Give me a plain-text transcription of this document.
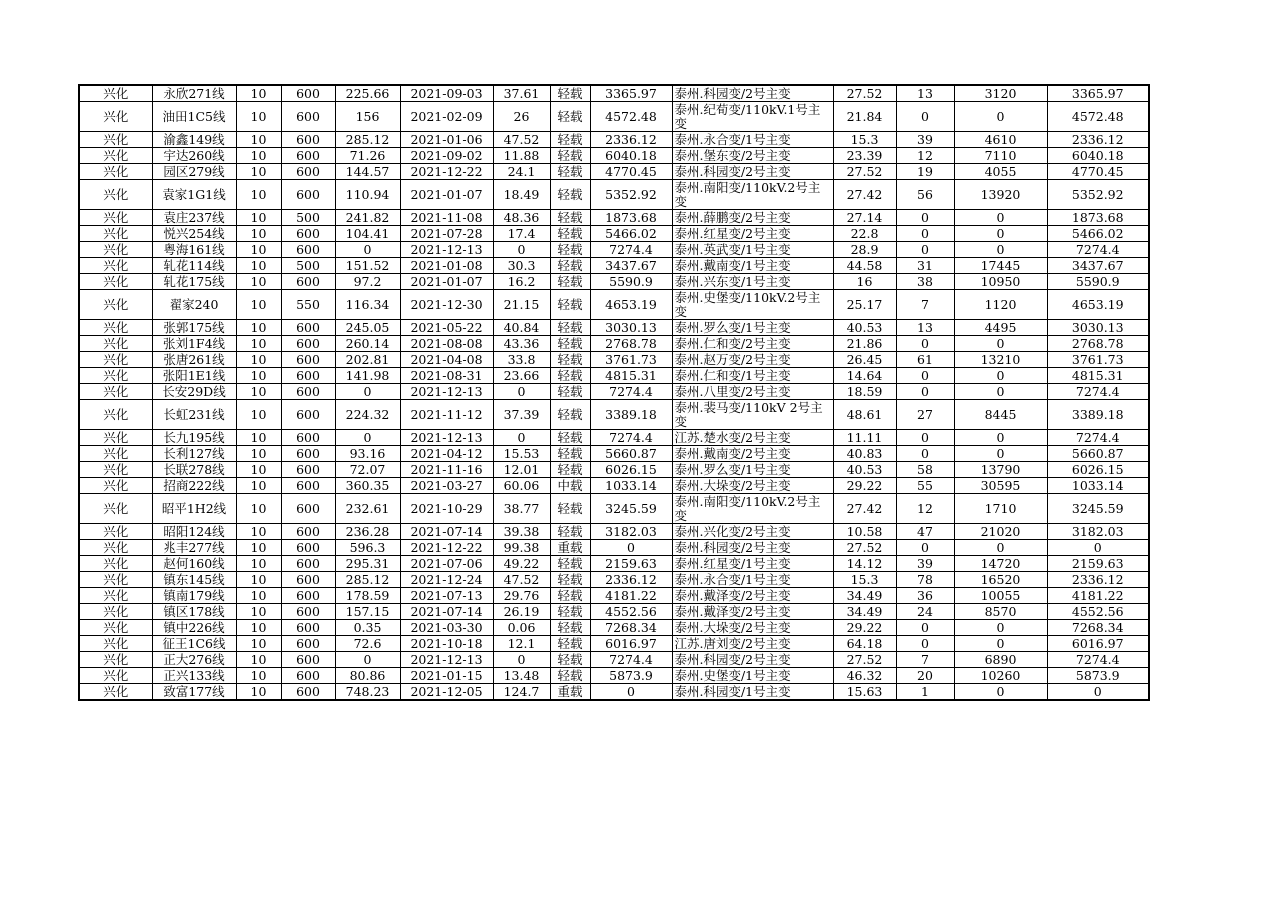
兴化	永欣271线	10	600	225.66	2021-09-03	37.61	轻载	3365.97	泰州.科园变/2号主变	27.52	13	3120	3365.97
兴化	油田1C5线	10	600	156	2021-02-09	26	轻载	4572.48	泰州.纪荀变/110kV.1号主变	21.84	0	0	4572.48
兴化	渝鑫149线	10	600	285.12	2021-01-06	47.52	轻载	2336.12	泰州.永合变/1号主变	15.3	39	4610	2336.12
兴化	宇达260线	10	600	71.26	2021-09-02	11.88	轻载	6040.18	泰州.堡东变/2号主变	23.39	12	7110	6040.18
兴化	园区279线	10	600	144.57	2021-12-22	24.1	轻载	4770.45	泰州.科园变/2号主变	27.52	19	4055	4770.45
兴化	袁家1G1线	10	600	110.94	2021-01-07	18.49	轻载	5352.92	泰州.南阳变/110kV.2号主变	27.42	56	13920	5352.92
兴化	袁庄237线	10	500	241.82	2021-11-08	48.36	轻载	1873.68	泰州.薛鹏变/2号主变	27.14	0	0	1873.68
兴化	悦兴254线	10	600	104.41	2021-07-28	17.4	轻载	5466.02	泰州.红星变/2号主变	22.8	0	0	5466.02
兴化	粤海161线	10	600	0	2021-12-13	0	轻载	7274.4	泰州.英武变/1号主变	28.9	0	0	7274.4
兴化	轧花114线	10	500	151.52	2021-01-08	30.3	轻载	3437.67	泰州.戴南变/1号主变	44.58	31	17445	3437.67
兴化	轧花175线	10	600	97.2	2021-01-07	16.2	轻载	5590.9	泰州.兴东变/1号主变	16	38	10950	5590.9
兴化	翟家240	10	550	116.34	2021-12-30	21.15	轻载	4653.19	泰州.史堡变/110kV.2号主变	25.17	7	1120	4653.19
兴化	张郭175线	10	600	245.05	2021-05-22	40.84	轻载	3030.13	泰州.罗么变/1号主变	40.53	13	4495	3030.13
兴化	张刘1F4线	10	600	260.14	2021-08-08	43.36	轻载	2768.78	泰州.仁和变/2号主变	21.86	0	0	2768.78
兴化	张唐261线	10	600	202.81	2021-04-08	33.8	轻载	3761.73	泰州.赵万变/2号主变	26.45	61	13210	3761.73
兴化	张阳1E1线	10	600	141.98	2021-08-31	23.66	轻载	4815.31	泰州.仁和变/1号主变	14.64	0	0	4815.31
兴化	长安29D线	10	600	0	2021-12-13	0	轻载	7274.4	泰州.八里变/2号主变	18.59	0	0	7274.4
兴化	长虹231线	10	600	224.32	2021-11-12	37.39	轻载	3389.18	泰州.裴马变/110kV 2号主变	48.61	27	8445	3389.18
兴化	长九195线	10	600	0	2021-12-13	0	轻载	7274.4	江苏.楚水变/2号主变	11.11	0	0	7274.4
兴化	长利127线	10	600	93.16	2021-04-12	15.53	轻载	5660.87	泰州.戴南变/2号主变	40.83	0	0	5660.87
兴化	长联278线	10	600	72.07	2021-11-16	12.01	轻载	6026.15	泰州.罗么变/1号主变	40.53	58	13790	6026.15
兴化	招商222线	10	600	360.35	2021-03-27	60.06	中载	1033.14	泰州.大垛变/2号主变	29.22	55	30595	1033.14
兴化	昭平1H2线	10	600	232.61	2021-10-29	38.77	轻载	3245.59	泰州.南阳变/110kV.2号主变	27.42	12	1710	3245.59
兴化	昭阳124线	10	600	236.28	2021-07-14	39.38	轻载	3182.03	泰州.兴化变/2号主变	10.58	47	21020	3182.03
兴化	兆丰277线	10	600	596.3	2021-12-22	99.38	重载	0	泰州.科园变/2号主变	27.52	0	0	0
兴化	赵何160线	10	600	295.31	2021-07-06	49.22	轻载	2159.63	泰州.红星变/1号主变	14.12	39	14720	2159.63
兴化	镇东145线	10	600	285.12	2021-12-24	47.52	轻载	2336.12	泰州.永合变/1号主变	15.3	78	16520	2336.12
兴化	镇南179线	10	600	178.59	2021-07-13	29.76	轻载	4181.22	泰州.戴泽变/2号主变	34.49	36	10055	4181.22
兴化	镇区178线	10	600	157.15	2021-07-14	26.19	轻载	4552.56	泰州.戴泽变/2号主变	34.49	24	8570	4552.56
兴化	镇中226线	10	600	0.35	2021-03-30	0.06	轻载	7268.34	泰州.大垛变/2号主变	29.22	0	0	7268.34
兴化	征王1C6线	10	600	72.6	2021-10-18	12.1	轻载	6016.97	江苏.唐刘变/2号主变	64.18	0	0	6016.97
兴化	正大276线	10	600	0	2021-12-13	0	轻载	7274.4	泰州.科园变/2号主变	27.52	7	6890	7274.4
兴化	正兴133线	10	600	80.86	2021-01-15	13.48	轻载	5873.9	泰州.史堡变/1号主变	46.32	20	10260	5873.9
兴化	致富177线	10	600	748.23	2021-12-05	124.7	重载	0	泰州.科园变/1号主变	15.63	1	0	0
